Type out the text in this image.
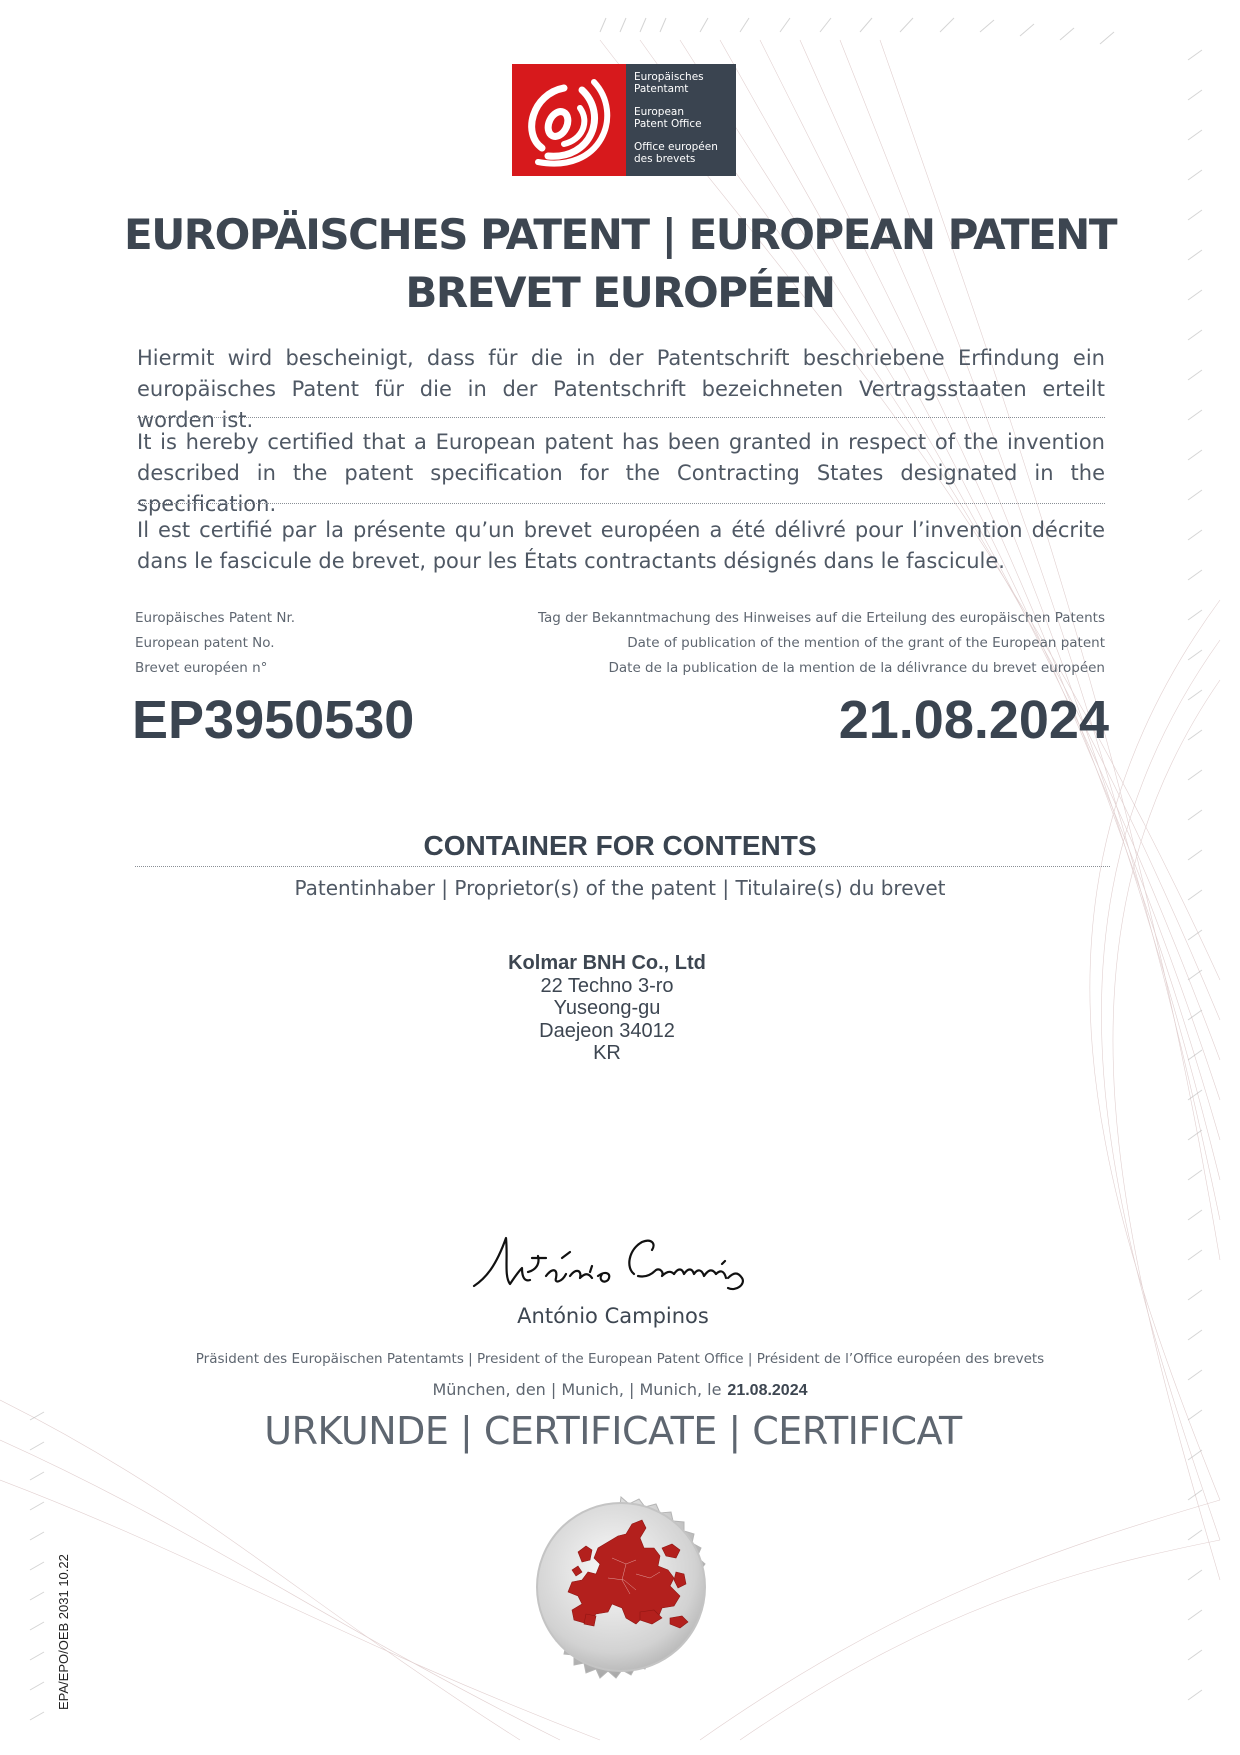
Europäisches
Patentamt
European
Patent Office
Office européen
des brevets
EUROPÄISCHES PATENT | EUROPEAN PATENT
BREVET EUROPÉEN
Hiermit wird bescheinigt, dass für die in der Patentschrift beschriebene Erfindung ein europäisches Patent für die in der Patentschrift bezeichneten Vertragsstaaten erteilt worden ist.
It is hereby certified that a European patent has been granted in respect of the invention described in the patent specification for the Contracting States designated in the specification.
Il est certifié par la présente qu’un brevet européen a été délivré pour l’invention décrite dans le fascicule de brevet, pour les États contractants désignés dans le fascicule.
Europäisches Patent Nr.
European patent No.
Brevet européen n°
Tag der Bekanntmachung des Hinweises auf die Erteilung des europäischen Patents
Date of publication of the mention of the grant of the European patent
Date de la publication de la mention de la délivrance du brevet européen
EP3950530	21.08.2024
CONTAINER FOR CONTENTS
Patentinhaber | Proprietor(s) of the patent | Titulaire(s) du brevet
Kolmar BNH Co., Ltd
22 Techno 3-ro
Yuseong-gu
Daejeon 34012
KR
António Campinos
Präsident des Europäischen Patentamts | President of the European Patent Office | Président de l’Office européen des brevets
München, den | Munich, | Munich, le 21.08.2024
URKUNDE | CERTIFICATE | CERTIFICAT
EPA/EPO/OEB 2031 10.22
